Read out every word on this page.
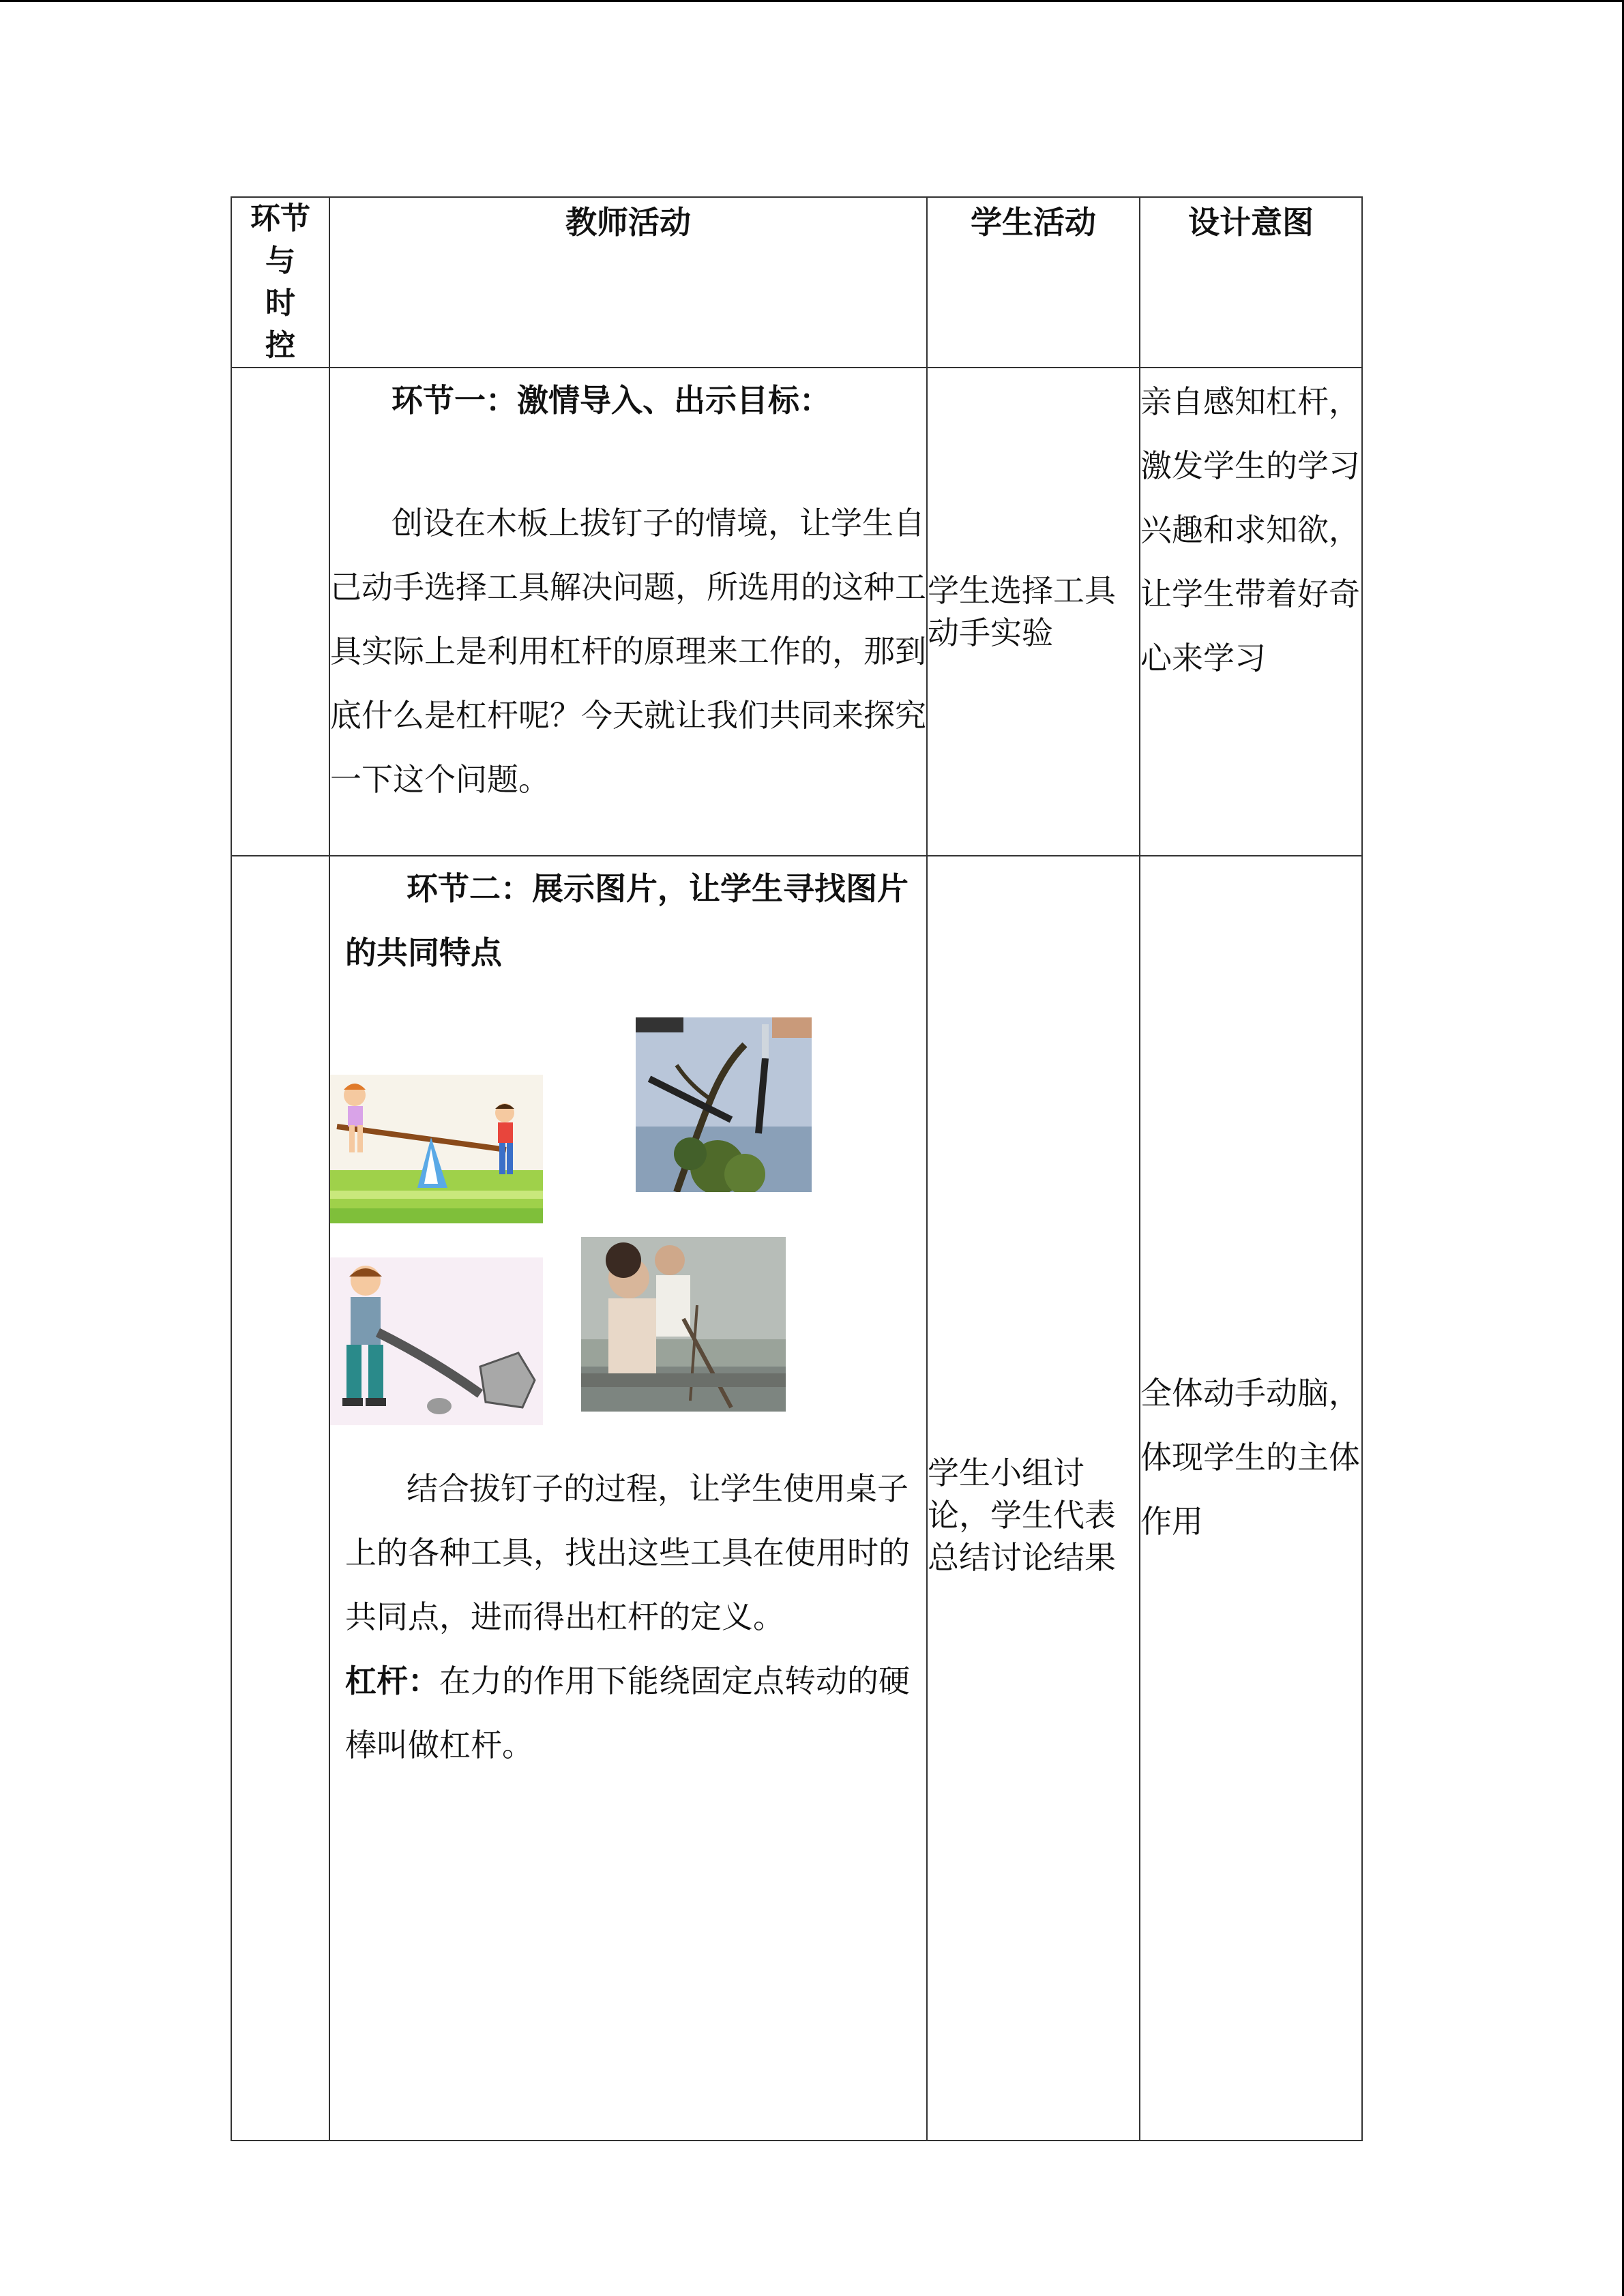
环节
与
时
控	教师活动	学生活动	设计意图

	环节一：激情导入、出示目标：

创设在木板上拔钉子的情境，让学生自己动手选择工具解决问题，所选用的这种工具实际上是利用杠杆的原理来工作的，那到底什么是杠杆呢？今天就让我们共同来探究一下这个问题。	学生选择工具动手实验	亲自感知杠杆，激发学生的学习兴趣和求知欲，让学生带着好奇心来学习

	环节二：展示图片，让学生寻找图片的共同特点

结合拔钉子的过程，让学生使用桌子上的各种工具，找出这些工具在使用时的共同点，进而得出杠杆的定义。

杠杆：在力的作用下能绕固定点转动的硬棒叫做杠杆。	学生小组讨论，学生代表总结讨论结果	全体动手动脑，体现学生的主体作用
